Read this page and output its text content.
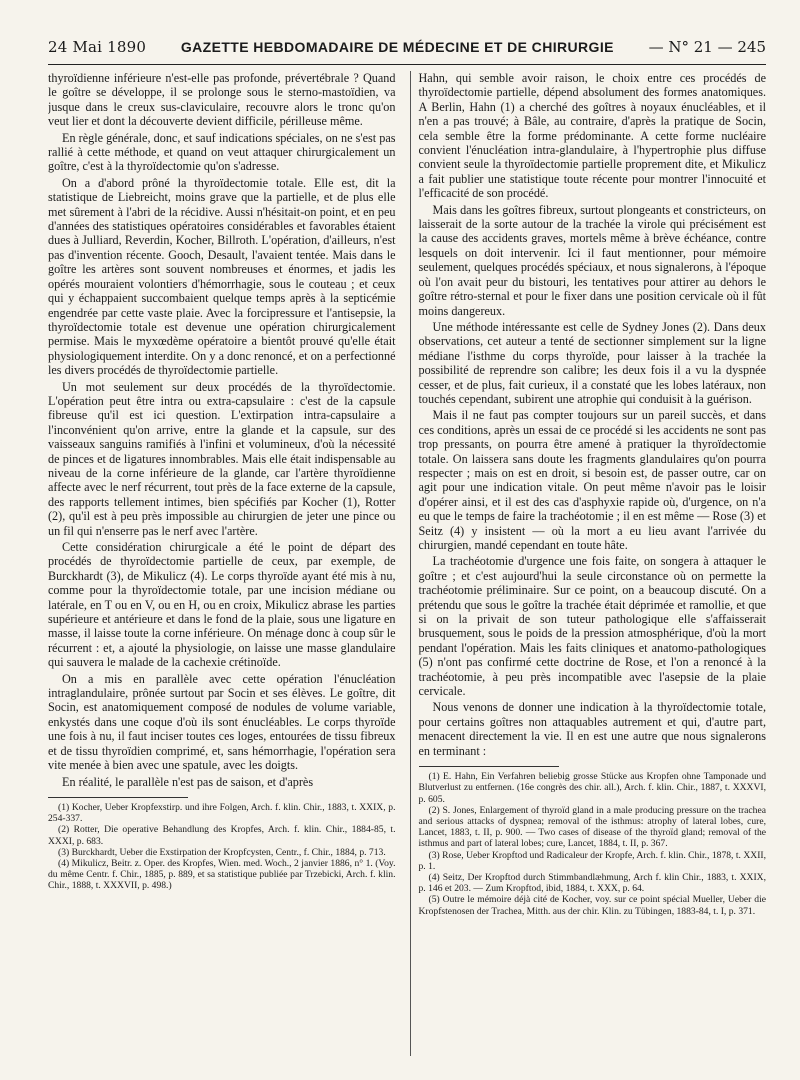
24 Mai 1890 GAZETTE HEBDOMADAIRE DE MÉDECINE ET DE CHIRURGIE — N° 21 — 245

thyroïdienne inférieure n'est-elle pas profonde, prévertébrale ? Quand le goître se développe, il se prolonge sous le sterno-mastoïdien, va jusque dans le creux sus-claviculaire, recouvre alors le tronc qu'on veut lier et dont la découverte devient difficile, périlleuse même.

En règle générale, donc, et sauf indications spéciales, on ne s'est pas rallié à cette méthode, et quand on veut attaquer chirurgicalement un goître, c'est à la thyroïdectomie qu'on s'adresse.

On a d'abord prôné la thyroïdectomie totale. Elle est, dit la statistique de Liebreicht, moins grave que la partielle, et de plus elle met sûrement à l'abri de la récidive. Aussi n'hésitait-on point, et en peu d'années des statistiques opératoires considérables et favorables étaient dues à Julliard, Reverdin, Kocher, Billroth. L'opération, d'ailleurs, n'est pas d'invention récente. Gooch, Desault, l'avaient tentée. Mais dans le goître les artères sont souvent nombreuses et énormes, et jadis les opérés mouraient volontiers d'hémorrhagie, sous le couteau ; et ceux qui y échappaient succombaient quelque temps après à la septicémie engendrée par cette vaste plaie. Avec la forcipressure et l'antisepsie, la thyroïdectomie totale est devenue une opération chirurgicalement permise. Mais le myxœdème opératoire a bientôt prouvé qu'elle était physiologiquement interdite. On y a donc renoncé, et on a perfectionné les divers procédés de thyroïdectomie partielle.

Un mot seulement sur deux procédés de la thyroïdectomie. L'opération peut être intra ou extra-capsulaire : c'est de la capsule fibreuse qu'il est ici question. L'extirpation intra-capsulaire a l'inconvénient qu'on arrive, entre la glande et la capsule, sur des vaisseaux sanguins ramifiés à l'infini et volumineux, d'où la nécessité de pinces et de ligatures innombrables. Mais elle était indispensable au niveau de la corne inférieure de la glande, car l'artère thyroïdienne affecte avec le nerf récurrent, tout près de la face externe de la capsule, des rapports tellement intimes, bien spécifiés par Kocher (1), Rotter (2), qu'il est à peu près impossible au chirurgien de jeter une pince ou un fil qui n'enserre pas le nerf avec l'artère.

Cette considération chirurgicale a été le point de départ des procédés de thyroïdectomie partielle de ceux, par exemple, de Burckhardt (3), de Mikulicz (4). Le corps thyroïde ayant été mis à nu, comme pour la thyroïdectomie totale, par une incision médiane ou latérale, en T ou en V, ou en H, ou en croix, Mikulicz abrase les parties supérieure et antérieure et dans le fond de la plaie, sous une ligature en masse, il laisse toute la corne inférieure. On ménage donc à coup sûr le récurrent : et, a ajouté la physiologie, on laisse une masse glandulaire qui sauvera le malade de la cachexie crétinoïde.

On a mis en parallèle avec cette opération l'énucléation intraglandulaire, prônée surtout par Socin et ses élèves. Le goître, dit Socin, est anatomiquement composé de nodules de volume variable, enkystés dans une coque d'où ils sont énucléables. Le corps thyroïde une fois à nu, il faut inciser toutes ces loges, entourées de tissu fibreux et de tissu thyroïdien comprimé, et, sans hémorrhagie, l'opération sera vite menée à bien avec une spatule, avec les doigts.

En réalité, le parallèle n'est pas de saison, et d'après

(1) Kocher, Ueber Kropfexstirp. und ihre Folgen, Arch. f. klin. Chir., 1883, t. XXIX, p. 254-337.

(2) Rotter, Die operative Behandlung des Kropfes, Arch. f. klin. Chir., 1884-85, t. XXXI, p. 683.

(3) Burckhardt, Ueber die Exstirpation der Kropfcysten, Centr., f. Chir., 1884, p. 713.

(4) Mikulicz, Beitr. z. Oper. des Kropfes, Wien. med. Woch., 2 janvier 1886, n° 1. (Voy. du même Centr. f. Chir., 1885, p. 889, et sa statistique publiée par Trzebicki, Arch. f. klin. Chir., 1888, t. XXXVII, p. 498.)

Hahn, qui semble avoir raison, le choix entre ces procédés de thyroïdectomie partielle, dépend absolument des formes anatomiques. A Berlin, Hahn (1) a cherché des goîtres à noyaux énucléables, et il n'en a pas trouvé; à Bâle, au contraire, d'après la pratique de Socin, cela semble être la forme prédominante. A cette forme nucléaire convient l'énucléation intra-glandulaire, à l'hypertrophie plus diffuse convient seule la thyroïdectomie partielle proprement dite, et Mikulicz a fait publier une statistique toute récente pour montrer l'innocuité et l'efficacité de son procédé.

Mais dans les goîtres fibreux, surtout plongeants et constricteurs, on laisserait de la sorte autour de la trachée la virole qui précisément est la cause des accidents graves, mortels même à brève échéance, contre lesquels on doit intervenir. Ici il faut mentionner, pour mémoire seulement, quelques procédés spéciaux, et nous signalerons, à l'époque où l'on avait peur du bistouri, les tentatives pour attirer au dehors le goître rétro-sternal et pour le fixer dans une position cervicale où il fût moins dangereux.

Une méthode intéressante est celle de Sydney Jones (2). Dans deux observations, cet auteur a tenté de sectionner simplement sur la ligne médiane l'isthme du corps thyroïde, pour laisser à la trachée la possibilité de reprendre son calibre; les deux fois il a vu la dyspnée cesser, et de plus, fait curieux, il a constaté que les lobes latéraux, non touchés cependant, subirent une atrophie qui conduisit à la guérison.

Mais il ne faut pas compter toujours sur un pareil succès, et dans ces conditions, après un essai de ce procédé si les accidents ne sont pas trop pressants, on pourra être amené à pratiquer la thyroïdectomie totale. On laissera sans doute les fragments glandulaires qu'on pourra respecter ; mais on est en droit, si besoin est, de passer outre, car on agit pour une indication vitale. On peut même n'avoir pas le loisir d'opérer ainsi, et il est des cas d'asphyxie rapide où, d'urgence, on n'a eu que le temps de faire la trachéotomie ; il en est même — Rose (3) et Seitz (4) y insistent — où la mort a eu lieu avant l'arrivée du chirurgien, mandé cependant en toute hâte.

La trachéotomie d'urgence une fois faite, on songera à attaquer le goître ; et c'est aujourd'hui la seule circonstance où on permette la trachéotomie préliminaire. Sur ce point, on a beaucoup discuté. On a prétendu que sous le goître la trachée était déprimée et ramollie, et que si on la privait de son tuteur pathologique elle s'affaisserait brusquement, sous le poids de la pression atmosphérique, d'où la mort pendant l'opération. Mais les faits cliniques et anatomo-pathologiques (5) n'ont pas confirmé cette doctrine de Rose, et l'on a renoncé à la trachéotomie, à peu près incompatible avec l'asepsie de la plaie cervicale.

Nous venons de donner une indication à la thyroïdectomie totale, pour certains goîtres non attaquables autrement et qui, d'autre part, menacent directement la vie. Il en est une autre que nous signalerons en terminant :

(1) E. Hahn, Ein Verfahren beliebig grosse Stücke aus Kropfen ohne Tamponade und Blutverlust zu entfernen. (16e congrès des chir. all.), Arch. f. klin. Chir., 1887, t. XXXVI, p. 605.

(2) S. Jones, Enlargement of thyroïd gland in a male producing pressure on the trachea and serious attacks of dyspnea; removal of the isthmus: atrophy of lateral lobes, cure, Lancet, 1883, t. II, p. 900. — Two cases of disease of the thyroïd gland; removal of the isthmus and part of lateral lobes; cure, Lancet, 1884, t. II, p. 367.

(3) Rose, Ueber Kropftod und Radicaleur der Kropfe, Arch. f. klin. Chir., 1878, t. XXII, p. 1.

(4) Seitz, Der Kropftod durch Stimmbandlæhmung, Arch f. klin Chir., 1883, t. XXIX, p. 146 et 203. — Zum Kropftod, ibid, 1884, t. XXX, p. 64.

(5) Outre le mémoire déjà cité de Kocher, voy. sur ce point spécial Mueller, Ueber die Kropfstenosen der Trachea, Mitth. aus der chir. Klin. zu Tübingen, 1883-84, t. I, p. 371.
